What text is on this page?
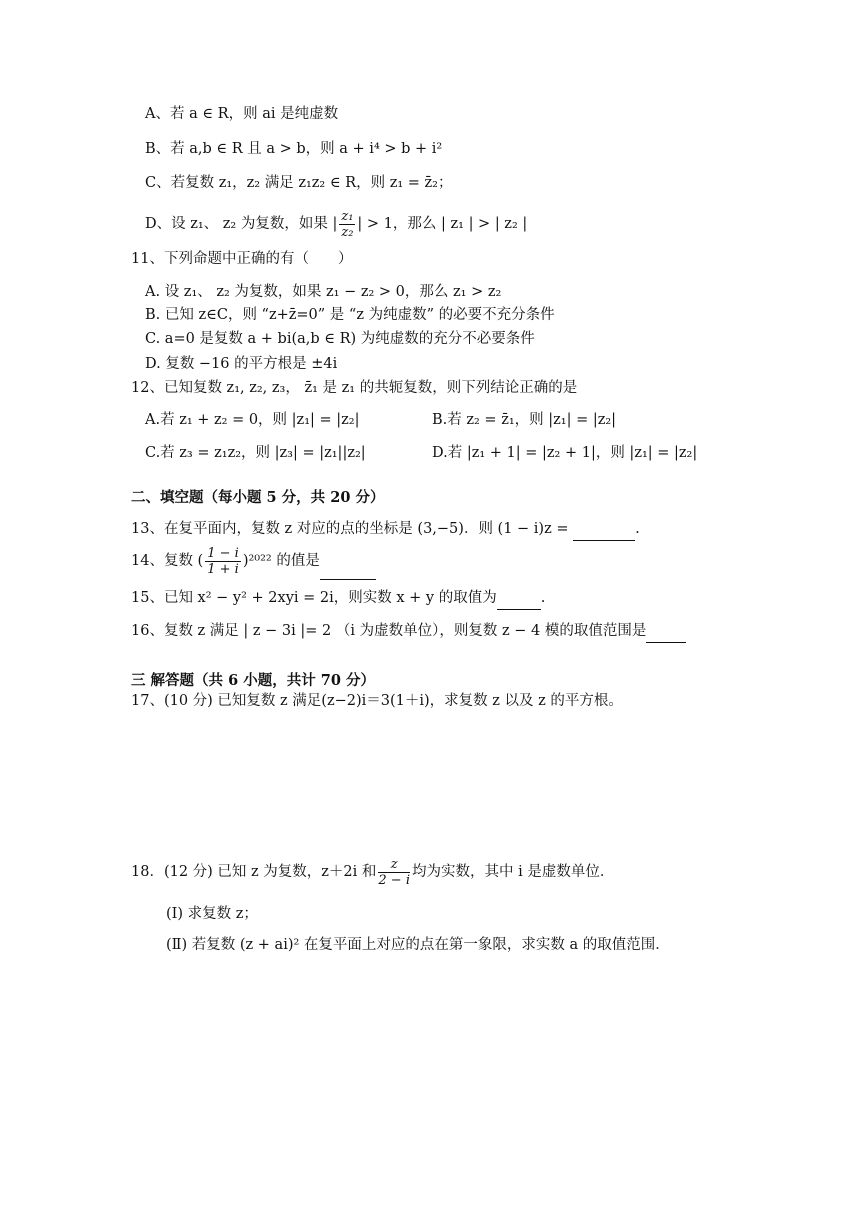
A、若 a ∈ R，则 ai 是纯虚数
B、若 a,b ∈ R 且 a > b，则 a + i⁴ > b + i²
C、若复数 z₁，z₂ 满足 z₁z₂ ∈ R，则 z₁ = z̄₂；
D、设 z₁、 z₂ 为复数，如果 | $\frac{\text{z₁}}{\text{z₂}}$ | > 1，那么 | z₁ | > | z₂ |
11、下列命题中正确的有（　　）
A. 设 z₁、 z₂ 为复数，如果 z₁ − z₂ > 0，那么 z₁ > z₂
B. 已知 z∈C，则 “z+z̄=0” 是 “z 为纯虚数” 的必要不充分条件
C. a=0 是复数 a + bi(a,b ∈ R) 为纯虚数的充分不必要条件
D. 复数 −16 的平方根是 ±4i
12、已知复数 z₁, z₂, z₃， z̄₁ 是 z₁ 的共轭复数，则下列结论正确的是
A.若 z₁ + z₂ = 0，则 |z₁| = |z₂|	B.若 z₂ = z̄₁，则 |z₁| = |z₂|
C.若 z₃ = z₁z₂，则 |z₃| = |z₁||z₂|	D.若 |z₁ + 1| = |z₂ + 1|，则 |z₁| = |z₂|
二、填空题（每小题 5 分，共 20 分）
13、在复平面内，复数 z 对应的点的坐标是 (3,−5)．则 (1 − i)z =	.
14、复数 ( $\frac{1 - i}{1 + i} )^{2022}$ 的值是
15、已知 x² − y² + 2xyi = 2i，则实数 x + y 的取值为	.
16、复数 z 满足 | z − 3i |= 2 （i 为虚数单位），则复数 z − 4 模的取值范围是
三 解答题（共 6 小题，共计 70 分）
17、(10 分) 已知复数 z 满足(z−2)i＝3(1＋i)，求复数 z 以及 z 的平方根。
18．(12 分) 已知 z 为复数，z＋2i 和 $\frac{z}{2 - i}$ 均为实数，其中 i 是虚数单位．
(Ⅰ) 求复数 z；
(Ⅱ) 若复数 (z + ai)² 在复平面上对应的点在第一象限，求实数 a 的取值范围．
